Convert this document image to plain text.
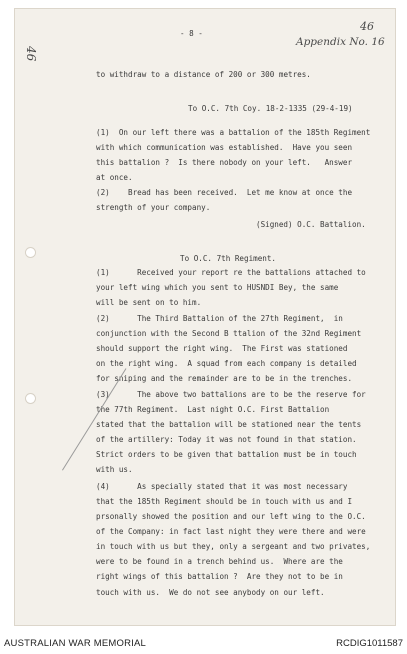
46
46
Appendix No. 16

- 8 -

to withdraw to a distance of 200 or 300 metres.

To O.C. 7th Coy. 18-2-1335 (29-4-19)

(1)  On our left there was a battalion of the 185th Regiment

with which communication was established.  Have you seen

this battalion ?  Is there nobody on your left.   Answer

at once.

(2)    Bread has been received.  Let me know at once the

strength of your company.

(Signed) O.C. Battalion.

To O.C. 7th Regiment.

(1)      Received your report re the battalions attached to

your left wing which you sent to HUSNDI Bey, the same

will be sent on to him.

(2)      The Third Battalion of the 27th Regiment,  in

conjunction with the Second B ttalion of the 32nd Regiment

should support the right wing.  The First was stationed

on the right wing.  A squad from each company is detailed

for sniping and the remainder are to be in the trenches.

(3)      The above two battalions are to be the reserve for

the 77th Regiment.  Last night O.C. First Battalion

stated that the battalion will be stationed near the tents

of the artillery: Today it was not found in that station.

Strict orders to be given that battalion must be in touch

with us.

(4)      As specially stated that it was most necessary

that the 185th Regiment should be in touch with us and I

prsonally showed the position and our left wing to the O.C.

of the Company: in fact last night they were there and were

in touch with us but they, only a sergeant and two privates,

were to be found in a trench behind us.  Where are the

right wings of this battalion ?  Are they not to be in

touch with us.  We do not see anybody on our left.

AUSTRALIAN WAR MEMORIAL	RCDIG1011587
